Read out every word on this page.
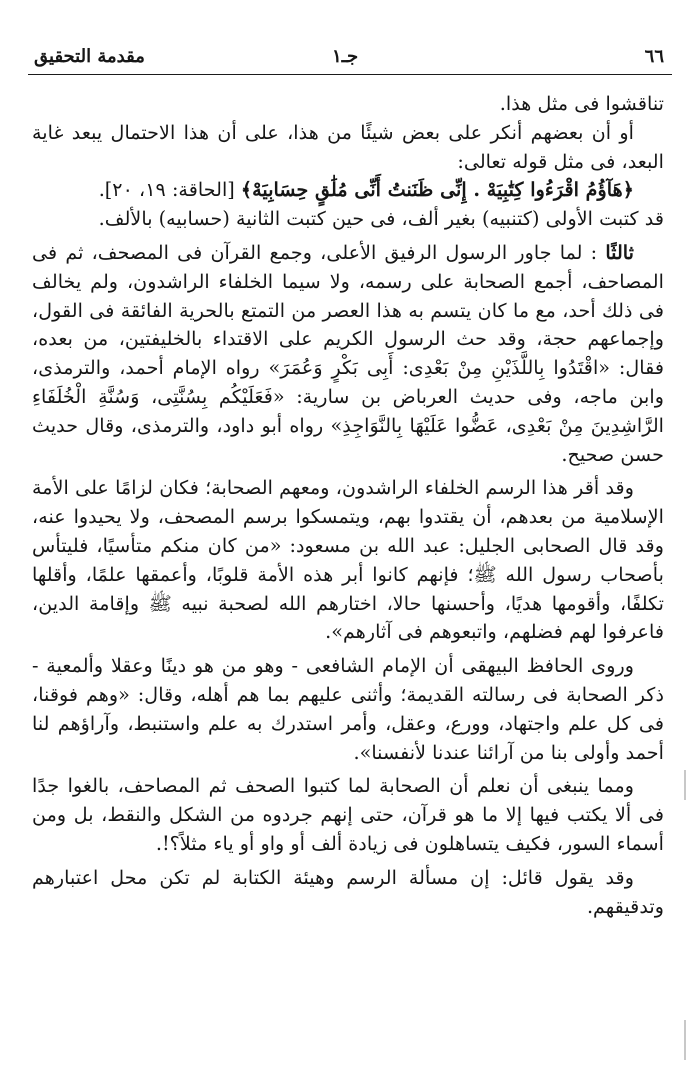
٦٦
جـ١
مقدمة التحقيق

تناقشوا فى مثل هذا.

أو أن بعضهم أنكر على بعض شيئًا من هذا، على أن هذا الاحتمال يبعد غاية البعد، فى مثل قوله تعالى:

﴿هَآؤُمُ اقْرَءُوا كِتَٰبِيَهْ . إِنِّى ظَنَنتُ أَنِّى مُلَٰقٍ حِسَابِيَهْ﴾ [الحاقة: ١٩، ٢٠].

قد كتبت الأولى (كتنبيه) بغير ألف، فى حين كتبت الثانية (حسابيه) بالألف.

ثالثًا : لما جاور الرسول الرفيق الأعلى، وجمع القرآن فى المصحف، ثم فى المصاحف، أجمع الصحابة على رسمه، ولا سيما الخلفاء الراشدون، ولم يخالف فى ذلك أحد، مع ما كان يتسم به هذا العصر من التمتع بالحرية الفائقة فى القول، وإجماعهم حجة، وقد حث الرسول الكريم على الاقتداء بالخليفتين، من بعده، فقال: «اقْتَدُوا بِاللَّذَيْنِ مِنْ بَعْدِى: أَبِى بَكْرٍ وَعُمَرَ» رواه الإمام أحمد، والترمذى، وابن ماجه، وفى حديث العرباض بن سارية: «فَعَلَيْكُم بِسُنَّتِى، وَسُنَّةِ الْخُلَفَاءِ الرَّاشِدِينَ مِنْ بَعْدِى، عَضُّوا عَلَيْهَا بِالنَّوَاجِذِ» رواه أبو داود، والترمذى، وقال حديث حسن صحيح.

وقد أقر هذا الرسم الخلفاء الراشدون، ومعهم الصحابة؛ فكان لزامًا على الأمة الإسلامية من بعدهم، أن يقتدوا بهم، ويتمسكوا برسم المصحف، ولا يحيدوا عنه، وقد قال الصحابى الجليل: عبد الله بن مسعود: «من كان منكم متأسيًا، فليتأس بأصحاب رسول الله ﷺ؛ فإنهم كانوا أبر هذه الأمة قلوبًا، وأعمقها علمًا، وأقلها تكلفًا، وأقومها هديًا، وأحسنها حالا، اختارهم الله لصحبة نبيه ﷺ وإقامة الدين، فاعرفوا لهم فضلهم، واتبعوهم فى آثارهم».

وروى الحافظ البيهقى أن الإمام الشافعى - وهو من هو دينًا وعقلا وألمعية - ذكر الصحابة فى رسالته القديمة؛ وأثنى عليهم بما هم أهله، وقال: «وهم فوقنا، فى كل علم واجتهاد، وورع، وعقل، وأمر استدرك به علم واستنبط، وآراؤهم لنا أحمد وأولى بنا من آرائنا عندنا لأنفسنا».

ومما ينبغى أن نعلم أن الصحابة لما كتبوا الصحف ثم المصاحف، بالغوا جدًا فى ألا يكتب فيها إلا ما هو قرآن، حتى إنهم جردوه من الشكل والنقط، بل ومن أسماء السور، فكيف يتساهلون فى زيادة ألف أو واو أو ياء مثلاً؟!.

وقد يقول قائل: إن مسألة الرسم وهيئة الكتابة لم تكن محل اعتبارهم وتدقيقهم.
